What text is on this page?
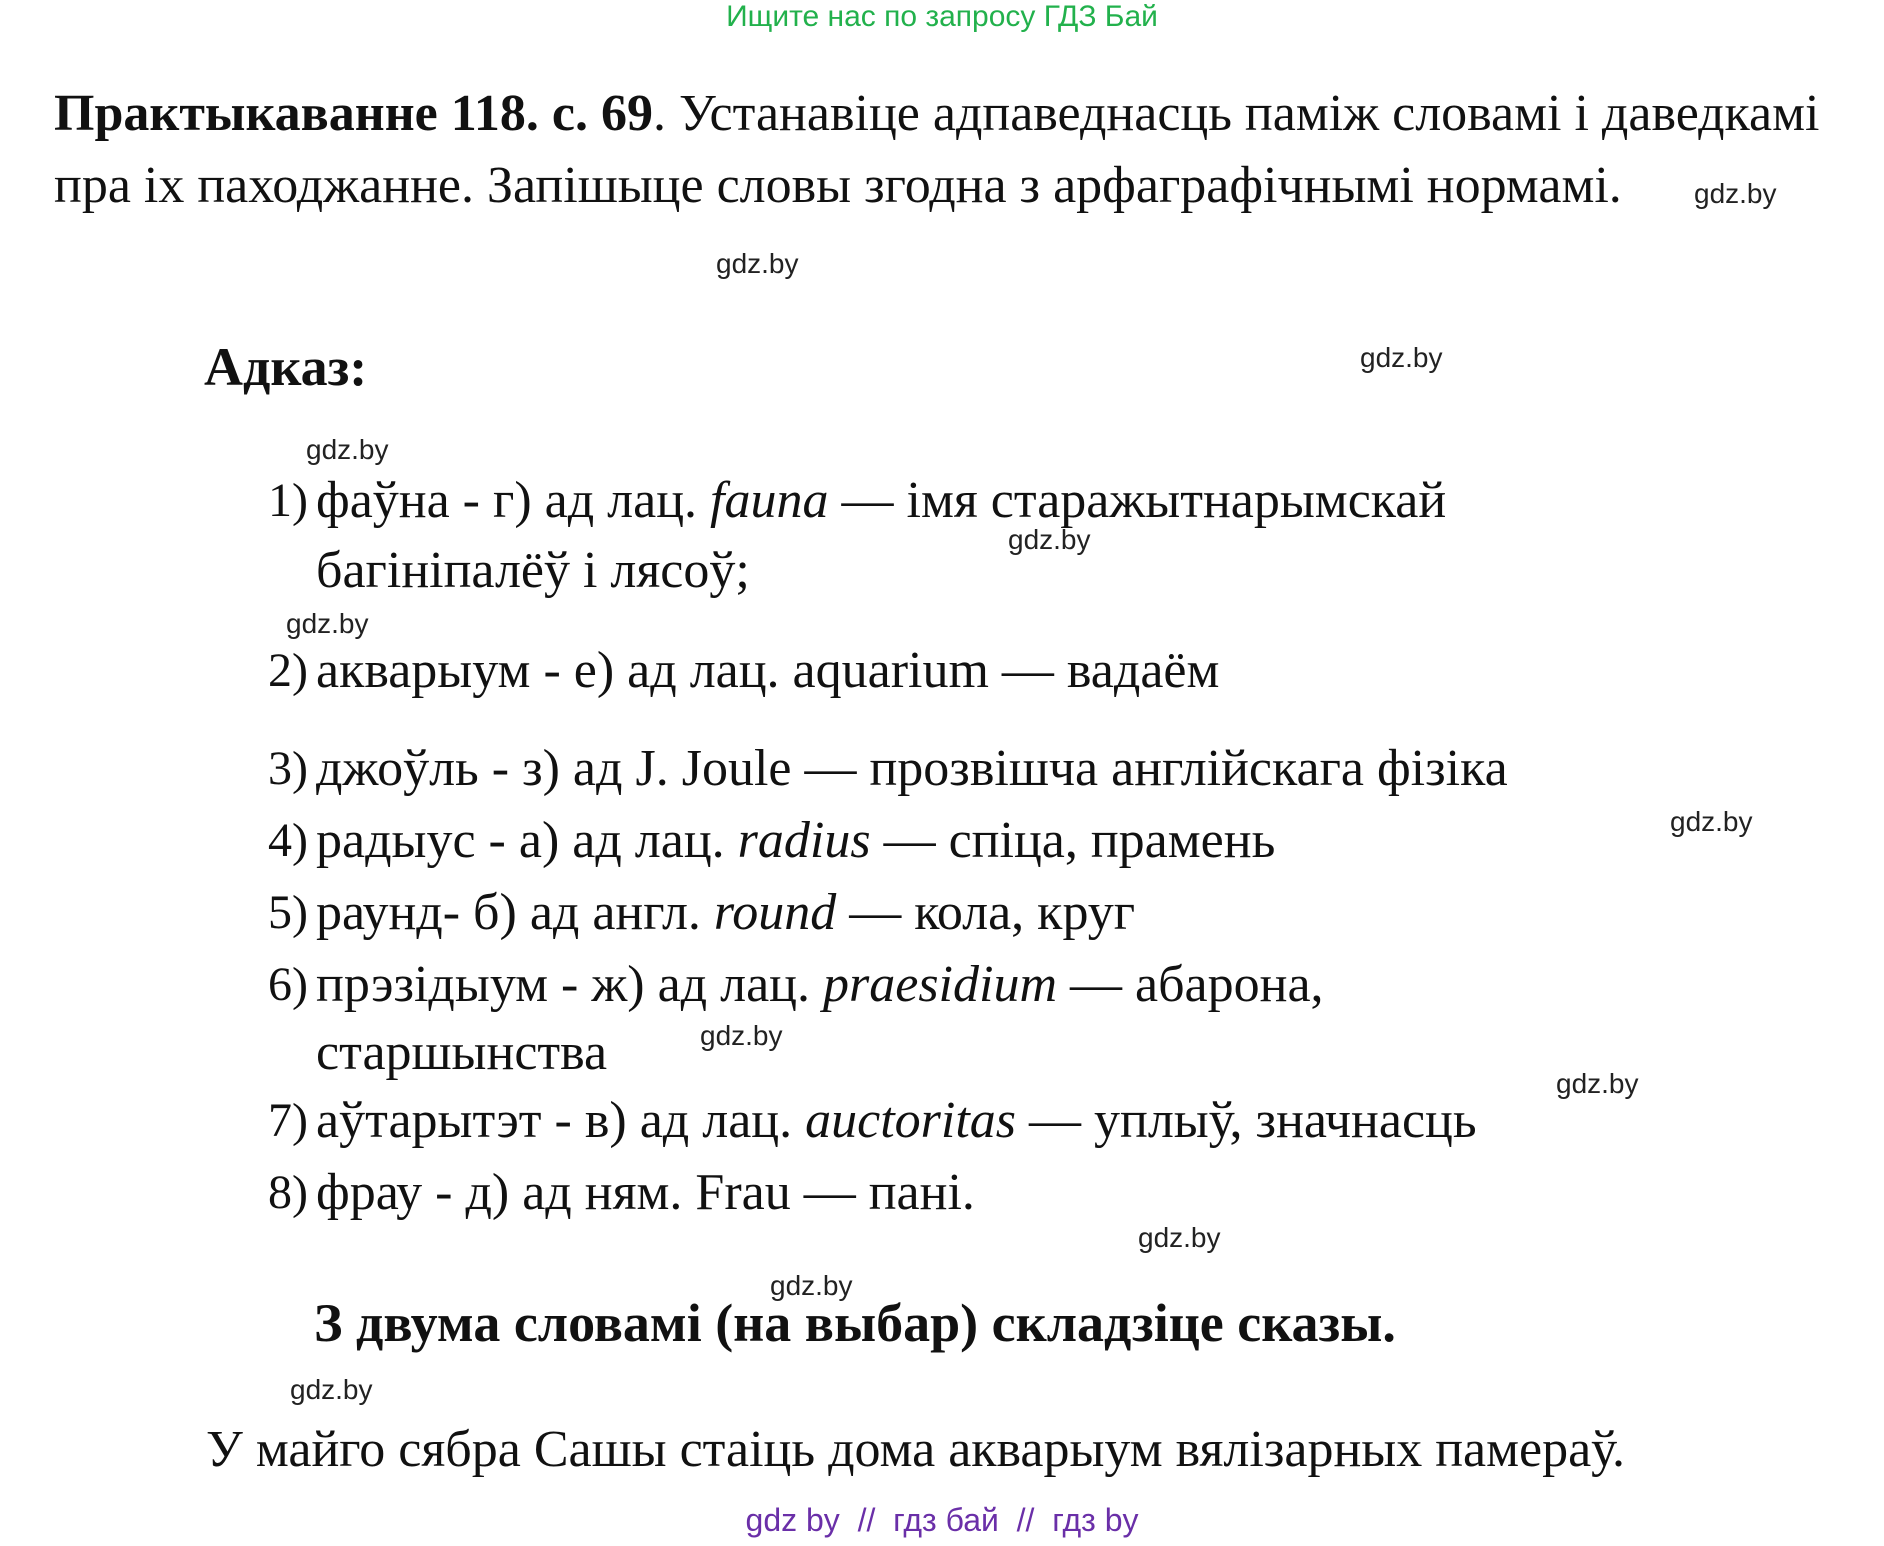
Ищите нас по запросу ГДЗ Бай
Практыкаванне 118. с. 69. Устанавіце адпаведнасць паміж словамі і даведкамі пра іх паходжанне. Запішыце словы згодна з арфаграфічнымі нормамі.
Адказ:
1) фаўна - г) ад лац. fauna — імя старажытнарымскай
багініпалёў і лясоў;
2) акварыум - е) ад лац. aquarium — вадаём
3) джоўль - з) ад J. Joule — прозвішча англійскага фізіка
4) радыус - а) ад лац. radius — спіца, прамень
5) раунд- б) ад англ. round — кола, круг
6) прэзідыум - ж) ад лац. praesidium — абарона,
старшынства
7) аўтарытэт - в) ад лац. auctoritas — уплыў, значнасць
8) фрау - д) ад ням. Frau — пані.
З двума словамі (на выбар) складзіце сказы.
У майго сябра Сашы стаіць дома акварыум вялізарных памераў.
gdz.by
gdz.by
gdz.by
gdz.by
gdz.by
gdz.by
gdz.by
gdz.by
gdz.by
gdz.by
gdz.by
gdz.by
gdz by  //  гдз бай  //  гдз by
